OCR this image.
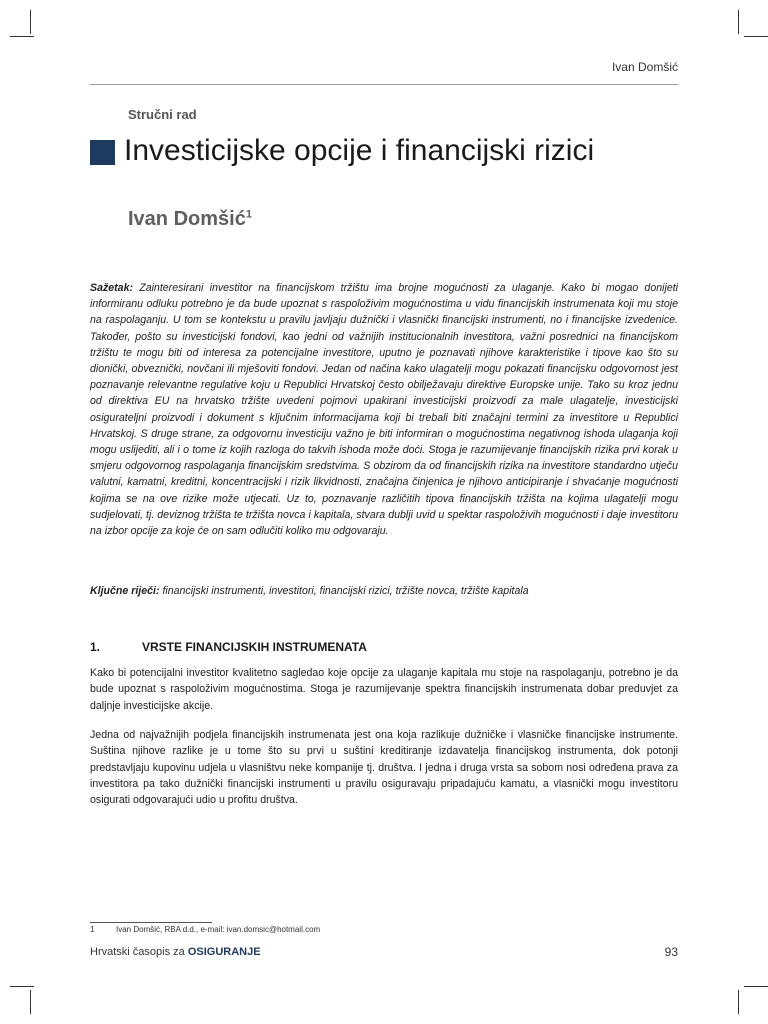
Ivan Domšić
Stručni rad
Investicijske opcije i financijski rizici
Ivan Domšić$^1$
Sažetak: Zainteresirani investitor na financijskom tržištu ima brojne mogućnosti za ulaganje. Kako bi mogao donijeti informiranu odluku potrebno je da bude upoznat s raspoloživim mogućnostima u vidu financijskih instrumenata koji mu stoje na raspolaganju. U tom se kontekstu u pravilu javljaju dužnički i vlasnički financijski instrumenti, no i financijske izvedenice. Također, pošto su investicijski fondovi, kao jedni od važnijih institucionalnih investitora, važni posrednici na financijskom tržištu te mogu biti od interesa za potencijalne investitore, uputno je poznavati njihove karakteristike i tipove kao što su dionički, obveznički, novčani ili mješoviti fondovi. Jedan od načina kako ulagatelji mogu pokazati financijsku odgovornost jest poznavanje relevantne regulative koju u Republici Hrvatskoj često obilježavaju direktive Europske unije. Tako su kroz jednu od direktiva EU na hrvatsko tržište uvedeni pojmovi upakirani investicijski proizvodi za male ulagatelje, investicijski osigurateljni proizvodi i dokument s ključnim informacijama koji bi trebali biti značajni termini za investitore u Republici Hrvatskoj. S druge strane, za odgovornu investiciju važno je biti informiran o mogućnostima negativnog ishoda ulaganja koji mogu uslijediti, ali i o tome iz kojih razloga do takvih ishoda može doći. Stoga je razumijevanje financijskih rizika prvi korak u smjeru odgovornog raspolaganja financijskim sredstvima. S obzirom da od financijskih rizika na investitore standardno utječu valutni, kamatni, kreditni, koncentracijski i rizik likvidnosti, značajna činjenica je njihovo anticipiranje i shvaćanje mogućnosti kojima se na ove rizike može utjecati. Uz to, poznavanje različitih tipova financijskih tržišta na kojima ulagatelji mogu sudjelovati, tj. deviznog tržišta te tržišta novca i kapitala, stvara dublji uvid u spektar raspoloživih mogućnosti i daje investitoru na izbor opcije za koje će on sam odlučiti koliko mu odgovaraju.
Ključne riječi: financijski instrumenti, investitori, financijski rizici, tržište novca, tržište kapitala
1.	VRSTE FINANCIJSKIH INSTRUMENATA

Kako bi potencijalni investitor kvalitetno sagledao koje opcije za ulaganje kapitala mu stoje na raspolaganju, potrebno je da bude upoznat s raspoloživim mogućnostima. Stoga je razumijevanje spektra financijskih instrumenata dobar preduvjet za daljnje investicijske akcije.

Jedna od najvažnijih podjela financijskih instrumenata jest ona koja razlikuje dužničke i vlasničke financijske instrumente. Suština njihove razlike je u tome što su prvi u suštini kreditiranje izdavatelja financijskog instrumenta, dok potonji predstavljaju kupovinu udjela u vlasništvu neke kompanije tj. društva. I jedna i druga vrsta sa sobom nosi određena prava za investitora pa tako dužnički financijski instrumenti u pravilu osiguravaju pripadajuću kamatu, a vlasnički mogu investitoru osigurati odgovarajući udio u profitu društva.

1	Ivan Domšić, RBA d.d., e-mail: ivan.domsic@hotmail.com
Hrvatski časopis za OSIGURANJE	93
